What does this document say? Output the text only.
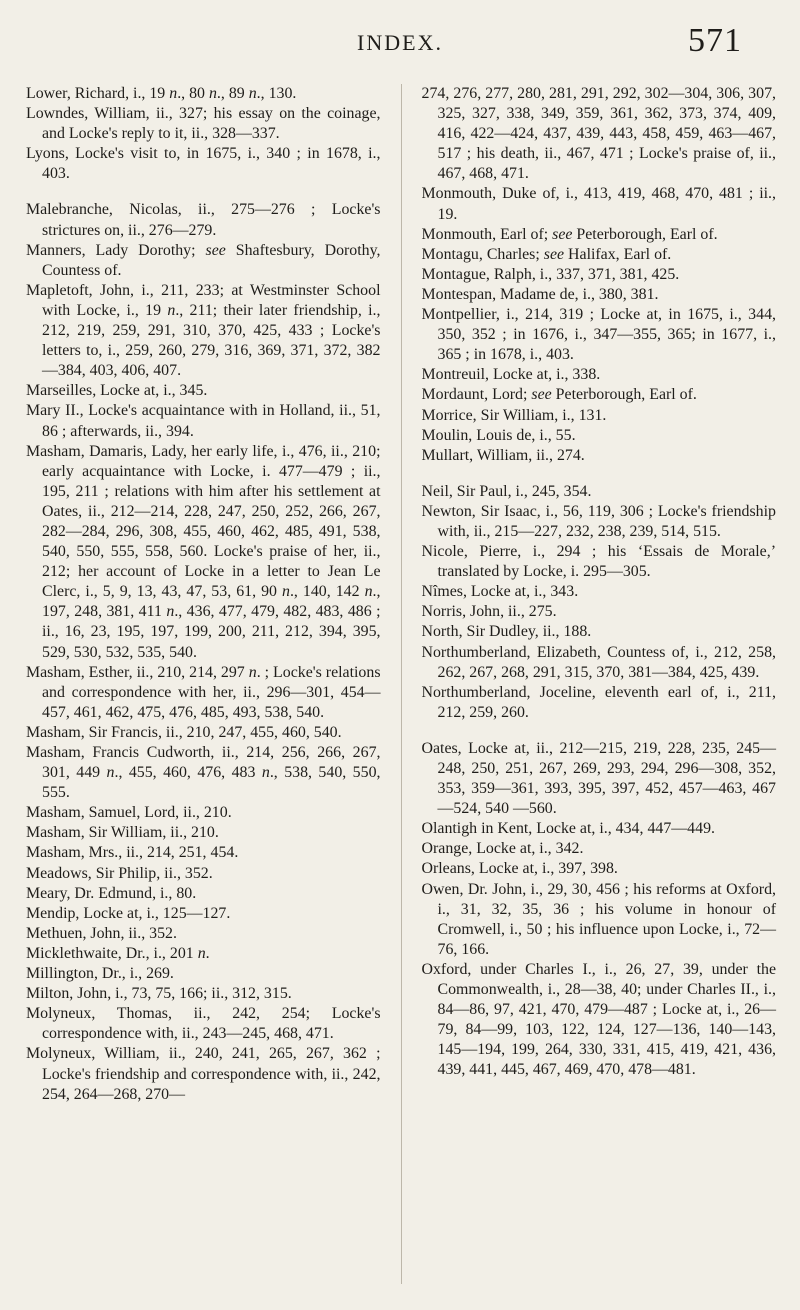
INDEX.	571

Lower, Richard, i., 19 n., 80 n., 89 n., 130.

Lowndes, William, ii., 327; his essay on the coinage, and Locke's reply to it, ii., 328—337.

Lyons, Locke's visit to, in 1675, i., 340 ; in 1678, i., 403.

Malebranche, Nicolas, ii., 275—276 ; Locke's strictures on, ii., 276—279.

Manners, Lady Dorothy; see Shaftesbury, Dorothy, Countess of.

Mapletoft, John, i., 211, 233; at Westminster School with Locke, i., 19 n., 211; their later friendship, i., 212, 219, 259, 291, 310, 370, 425, 433 ; Locke's letters to, i., 259, 260, 279, 316, 369, 371, 372, 382—384, 403, 406, 407.

Marseilles, Locke at, i., 345.

Mary II., Locke's acquaintance with in Holland, ii., 51, 86 ; afterwards, ii., 394.

Masham, Damaris, Lady, her early life, i., 476, ii., 210; early acquaintance with Locke, i. 477—479 ; ii., 195, 211 ; relations with him after his settlement at Oates, ii., 212—214, 228, 247, 250, 252, 266, 267, 282—284, 296, 308, 455, 460, 462, 485, 491, 538, 540, 550, 555, 558, 560. Locke's praise of her, ii., 212; her account of Locke in a letter to Jean Le Clerc, i., 5, 9, 13, 43, 47, 53, 61, 90 n., 140, 142 n., 197, 248, 381, 411 n., 436, 477, 479, 482, 483, 486 ; ii., 16, 23, 195, 197, 199, 200, 211, 212, 394, 395, 529, 530, 532, 535, 540.

Masham, Esther, ii., 210, 214, 297 n. ; Locke's relations and correspondence with her, ii., 296—301, 454—457, 461, 462, 475, 476, 485, 493, 538, 540.

Masham, Sir Francis, ii., 210, 247, 455, 460, 540.

Masham, Francis Cudworth, ii., 214, 256, 266, 267, 301, 449 n., 455, 460, 476, 483 n., 538, 540, 550, 555.

Masham, Samuel, Lord, ii., 210.

Masham, Sir William, ii., 210.

Masham, Mrs., ii., 214, 251, 454.

Meadows, Sir Philip, ii., 352.

Meary, Dr. Edmund, i., 80.

Mendip, Locke at, i., 125—127.

Methuen, John, ii., 352.

Micklethwaite, Dr., i., 201 n.

Millington, Dr., i., 269.

Milton, John, i., 73, 75, 166; ii., 312, 315.

Molyneux, Thomas, ii., 242, 254; Locke's correspondence with, ii., 243—245, 468, 471.

Molyneux, William, ii., 240, 241, 265, 267, 362 ; Locke's friendship and correspondence with, ii., 242, 254, 264—268, 270—

274, 276, 277, 280, 281, 291, 292, 302—304, 306, 307, 325, 327, 338, 349, 359, 361, 362, 373, 374, 409, 416, 422—424, 437, 439, 443, 458, 459, 463—467, 517 ; his death, ii., 467, 471 ; Locke's praise of, ii., 467, 468, 471.

Monmouth, Duke of, i., 413, 419, 468, 470, 481 ; ii., 19.

Monmouth, Earl of; see Peterborough, Earl of.

Montagu, Charles; see Halifax, Earl of.

Montague, Ralph, i., 337, 371, 381, 425.

Montespan, Madame de, i., 380, 381.

Montpellier, i., 214, 319 ; Locke at, in 1675, i., 344, 350, 352 ; in 1676, i., 347—355, 365; in 1677, i., 365 ; in 1678, i., 403.

Montreuil, Locke at, i., 338.

Mordaunt, Lord; see Peterborough, Earl of.

Morrice, Sir William, i., 131.

Moulin, Louis de, i., 55.

Mullart, William, ii., 274.

Neil, Sir Paul, i., 245, 354.

Newton, Sir Isaac, i., 56, 119, 306 ; Locke's friendship with, ii., 215—227, 232, 238, 239, 514, 515.

Nicole, Pierre, i., 294 ; his ‘Essais de Morale,’ translated by Locke, i. 295—305.

Nîmes, Locke at, i., 343.

Norris, John, ii., 275.

North, Sir Dudley, ii., 188.

Northumberland, Elizabeth, Countess of, i., 212, 258, 262, 267, 268, 291, 315, 370, 381—384, 425, 439.

Northumberland, Joceline, eleventh earl of, i., 211, 212, 259, 260.

Oates, Locke at, ii., 212—215, 219, 228, 235, 245—248, 250, 251, 267, 269, 293, 294, 296—308, 352, 353, 359—361, 393, 395, 397, 452, 457—463, 467—524, 540 —560.

Olantigh in Kent, Locke at, i., 434, 447—449.

Orange, Locke at, i., 342.

Orleans, Locke at, i., 397, 398.

Owen, Dr. John, i., 29, 30, 456 ; his reforms at Oxford, i., 31, 32, 35, 36 ; his volume in honour of Cromwell, i., 50 ; his influence upon Locke, i., 72—76, 166.

Oxford, under Charles I., i., 26, 27, 39, under the Commonwealth, i., 28—38, 40; under Charles II., i., 84—86, 97, 421, 470, 479—487 ; Locke at, i., 26—79, 84—99, 103, 122, 124, 127—136, 140—143, 145—194, 199, 264, 330, 331, 415, 419, 421, 436, 439, 441, 445, 467, 469, 470, 478—481.
